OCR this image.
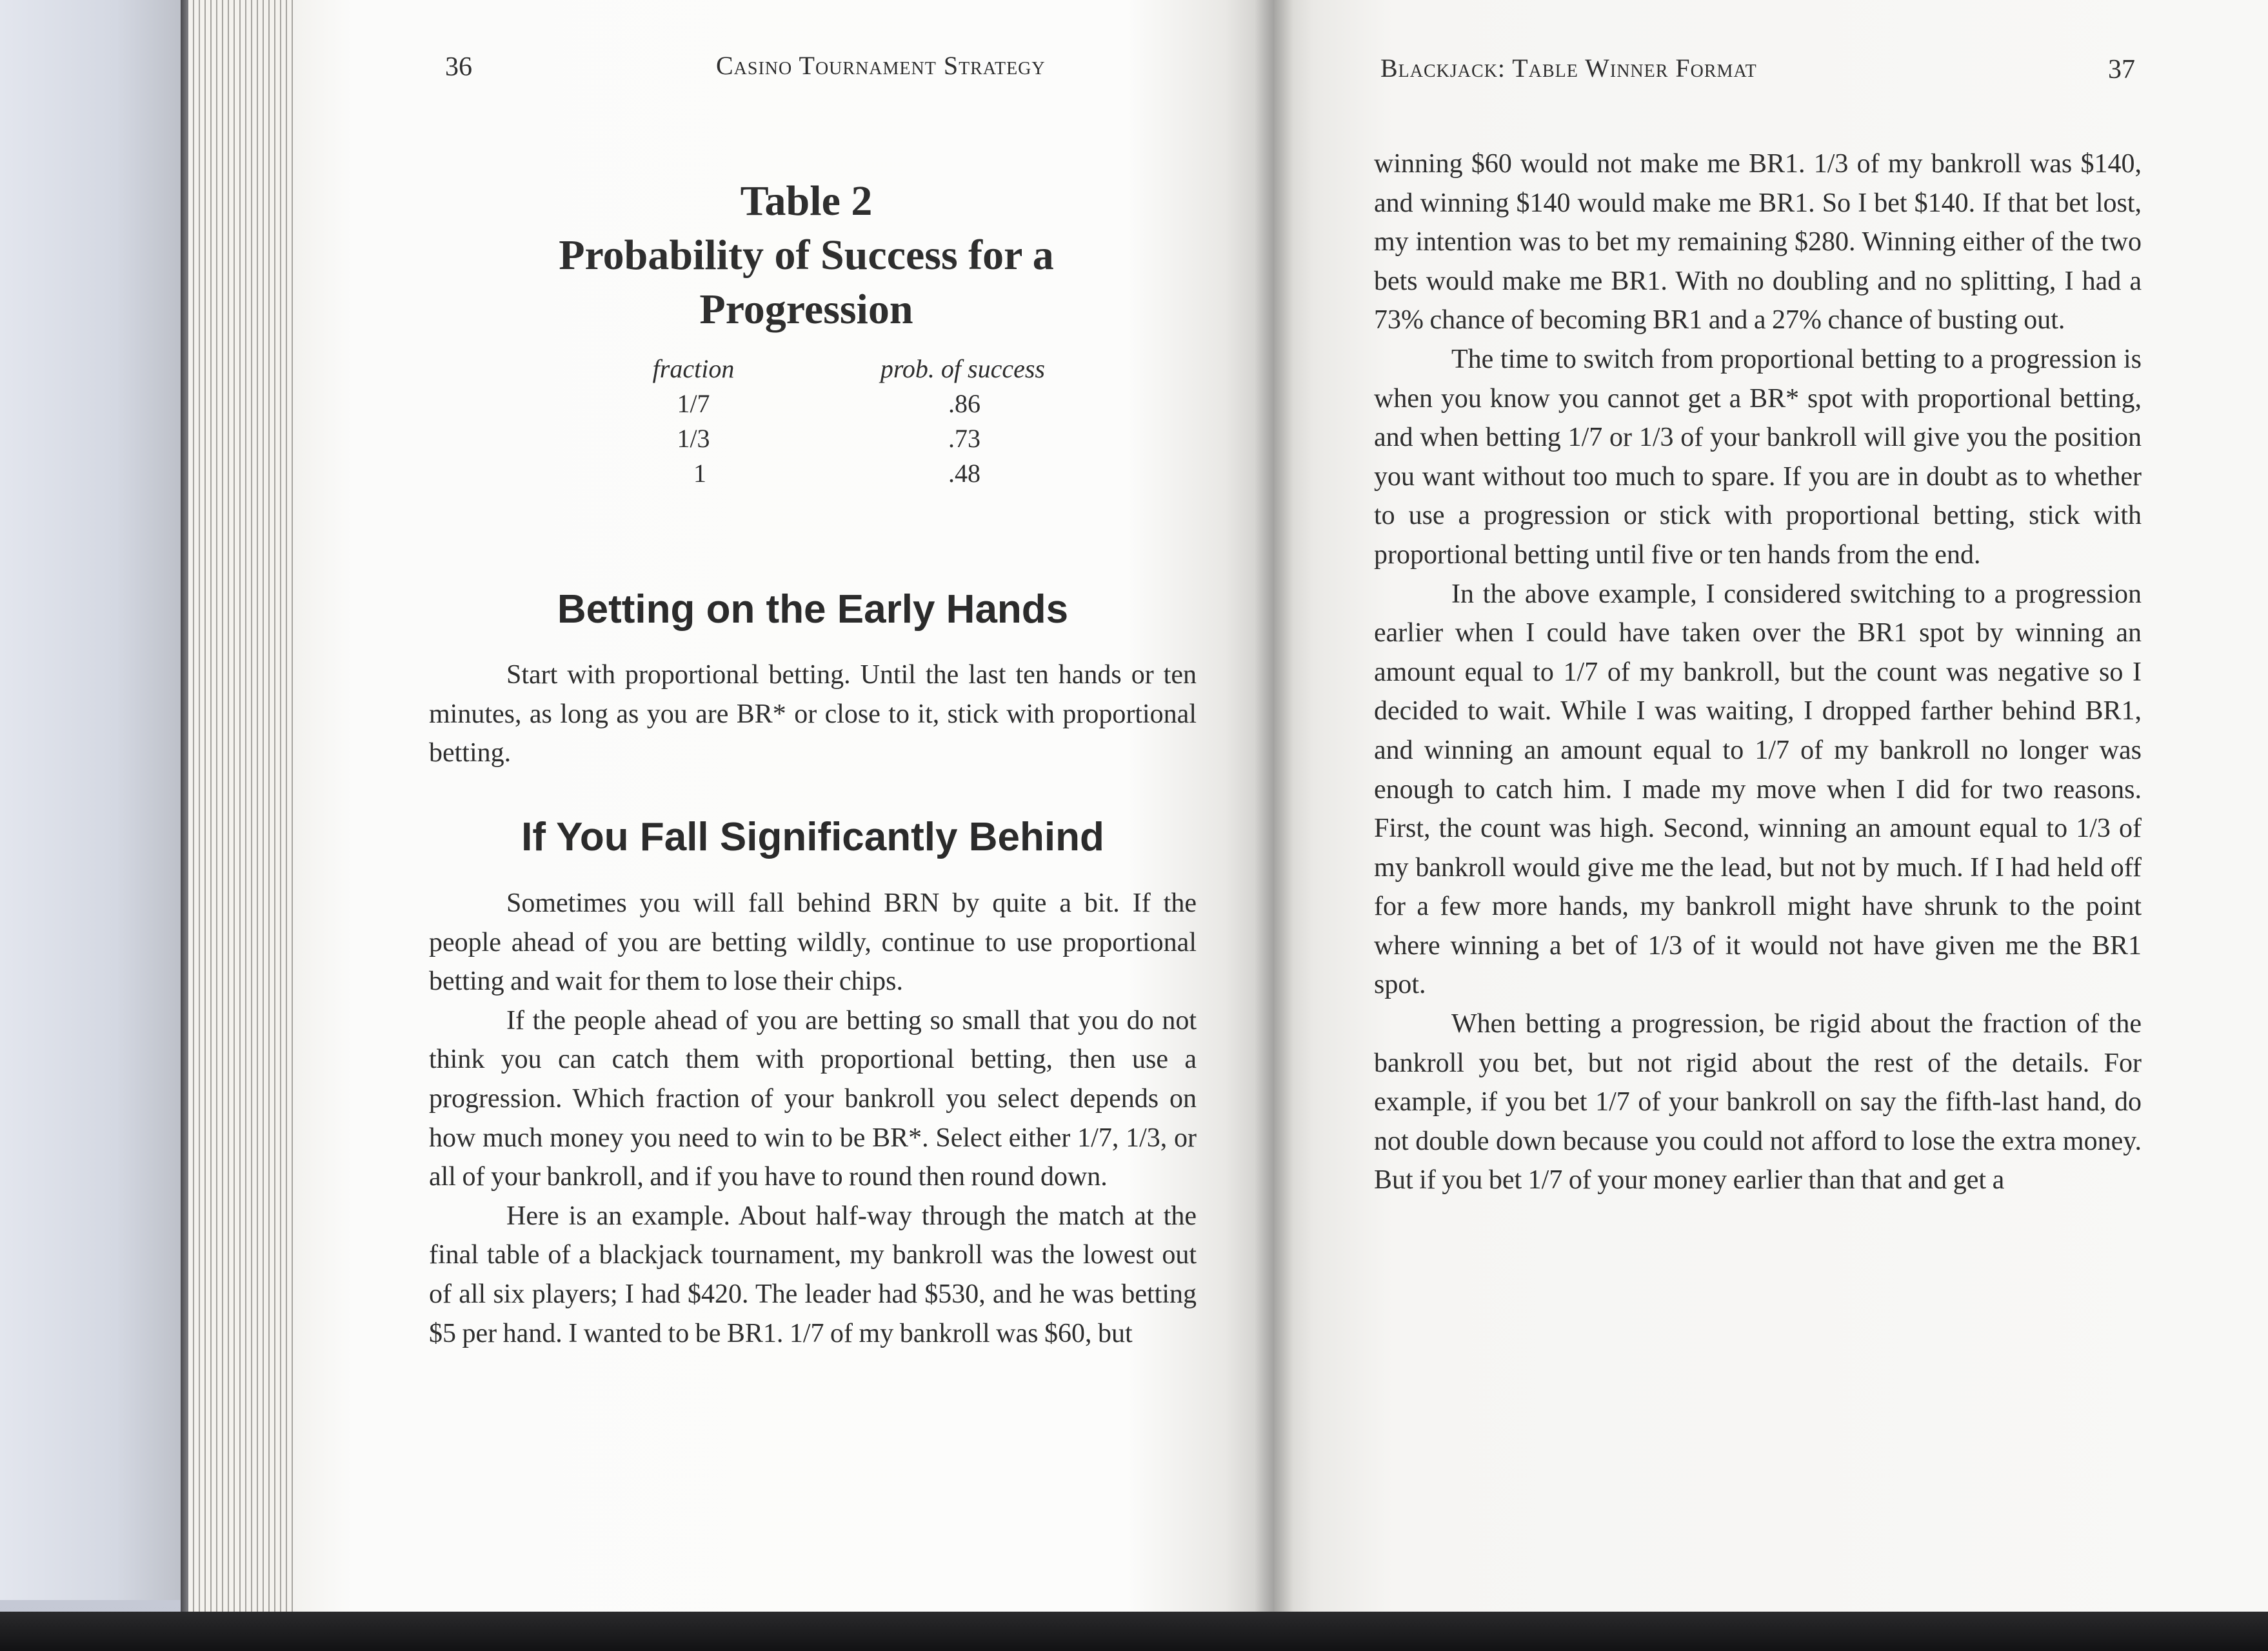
36	Casino Tournament Strategy
Table 2
Probability of Success for a
Progression
fraction	prob. of success
1/7	.86
1/3	.73
1	.48
Betting on the Early Hands

Start with proportional betting. Until the last ten hands or ten minutes, as long as you are BR* or close to it, stick with proportional betting.

If You Fall Significantly Behind

Sometimes you will fall behind BRN by quite a bit. If the people ahead of you are betting wildly, continue to use proportional betting and wait for them to lose their chips.

If the people ahead of you are betting so small that you do not think you can catch them with proportional betting, then use a progression. Which fraction of your bankroll you select depends on how much money you need to win to be BR*. Select either 1/7, 1/3, or all of your bankroll, and if you have to round then round down.

Here is an example. About half-way through the match at the final table of a blackjack tournament, my bankroll was the lowest out of all six players; I had $420. The leader had $530, and he was betting $5 per hand. I wanted to be BR1. 1/7 of my bankroll was $60, but

Blackjack: Table Winner Format	37

winning $60 would not make me BR1. 1/3 of my bankroll was $140, and winning $140 would make me BR1. So I bet $140. If that bet lost, my intention was to bet my remaining $280. Winning either of the two bets would make me BR1. With no doubling and no splitting, I had a 73% chance of becoming BR1 and a 27% chance of busting out.

The time to switch from proportional betting to a progression is when you know you cannot get a BR* spot with proportional betting, and when betting 1/7 or 1/3 of your bankroll will give you the position you want without too much to spare. If you are in doubt as to whether to use a progression or stick with proportional betting, stick with proportional betting until five or ten hands from the end.

In the above example, I considered switching to a progression earlier when I could have taken over the BR1 spot by winning an amount equal to 1/7 of my bankroll, but the count was negative so I decided to wait. While I was waiting, I dropped farther behind BR1, and winning an amount equal to 1/7 of my bankroll no longer was enough to catch him. I made my move when I did for two reasons. First, the count was high. Second, winning an amount equal to 1/3 of my bankroll would give me the lead, but not by much. If I had held off for a few more hands, my bankroll might have shrunk to the point where winning a bet of 1/3 of it would not have given me the BR1 spot.

When betting a progression, be rigid about the fraction of the bankroll you bet, but not rigid about the rest of the details. For example, if you bet 1/7 of your bankroll on say the fifth-last hand, do not double down because you could not afford to lose the extra money. But if you bet 1/7 of your money earlier than that and get a
